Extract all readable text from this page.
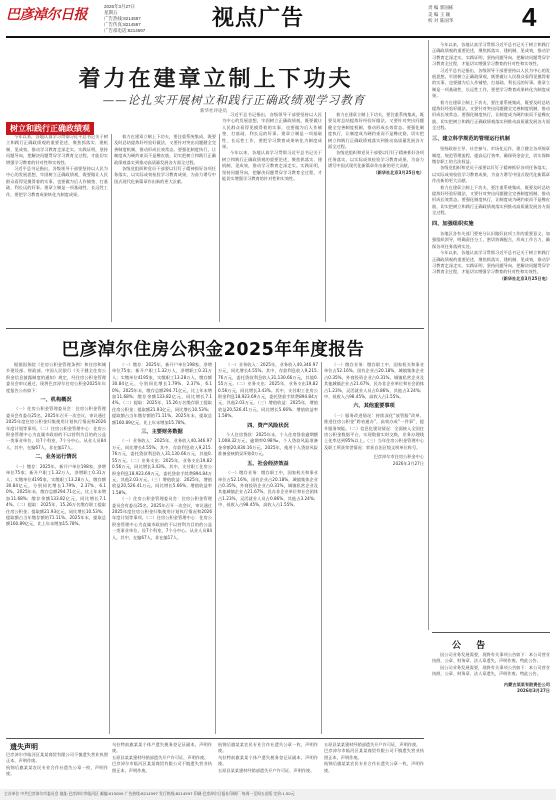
巴彦淖尔日报
2026年3月27日
星期五
广告热线:8214597
广告传真:8214597
广告部电话:8214597	视点广告	责 编 郭国栋
美 编 王 颖
校 对 陈国华	4
着力在建章立制上下功夫
——论扎实开展树立和践行正确政绩观学习教育
新华社评论员
树立和践行正确政绩观

今年以来，各地认真学习贯彻习近平总书记关于树立和践行正确政绩观的重要论述，聚焦抓落实、建机制、见成效，推动学习教育走深走实。实践证明，坚持问题导向，把解决问题贯穿学习教育全过程，才能切实增强学习教育的针对性和实效性。

习近平总书记指出，各级领导干部要坚持以人民为中心的发展思想，牢固树立正确政绩观，既要做让人民群众看得见摸得着的实事，也要做为后人作铺垫、打基础、利长远的好事。建章立制是一项基础性、长远性工作，要把学习教育成果转化为制度成果。

着力在建章立制上下功夫，要注重系统集成，既要及时总结提炼好经验好做法，又要针对突出问题健全完善制度机制，推动形成长效常态。要强化制度执行，让制度成为硬约束而不是橡皮筋，切实把树立和践行正确政绩观落实到推动高质量发展各方面全过程。

各级党组织和党员干部要以钉钉子精神抓好各项任务落实，以实际成效检验学习教育成果，为奋力谱写中国式现代化新篇章作出新的更大贡献。

习近平总书记指出，各级领导干部要坚持以人民为中心的发展思想，牢固树立正确政绩观，既要做让人民群众看得见摸得着的实事，也要做为后人作铺垫、打基础、利长远的好事。建章立制是一项基础性、长远性工作，要把学习教育成果转化为制度成果。

今年以来，各地认真学习贯彻习近平总书记关于树立和践行正确政绩观的重要论述，聚焦抓落实、建机制、见成效，推动学习教育走深走实。实践证明，坚持问题导向，把解决问题贯穿学习教育全过程，才能切实增强学习教育的针对性和实效性。

着力在建章立制上下功夫，要注重系统集成，既要及时总结提炼好经验好做法，又要针对突出问题健全完善制度机制，推动形成长效常态。要强化制度执行，让制度成为硬约束而不是橡皮筋，切实把树立和践行正确政绩观落实到推动高质量发展各方面全过程。

各级党组织和党员干部要以钉钉子精神抓好各项任务落实，以实际成效检验学习教育成果，为奋力谱写中国式现代化新篇章作出新的更大贡献。

（新华社北京3月25日电）

巴彦淖尔住房公积金2025年年度报告

根据国务院《住房公积金管理条例》和住房和城乡建设部、财政部、中国人民银行《关于健全住房公积金信息披露制度的通知》规定，经住房公积金管理委员会审议通过，现将巴彦淖尔住房公积金2025年年度报告公布如下：

一、机构概况

（一）住房公积金管理委员会：住房公积金管理委员会有委员25名，2025年召开一次会议，审议通过2025年度住房公积金归集使用计划执行情况和2026年度计划等事项。（二）住房公积金管理中心：住房公积金管理中心为直属市政府的不以营利为目的的公益一类事业单位，设7个科室，7个分中心。从业人员84人，其中，在编67人，非在编17人。

二、业务运行情况

（一）缴存：2025年，新开户单位198家，净增单位75家；新开户职工1.32万人，净增职工0.31万人；实缴单位4195家，实缴职工13.28万人，缴存额30.84亿元，分别同比增长1.79%、2.37%、6.10%。2025年末，缴存总额294.71亿元，比上年末增加11.68%；缴存余额133.82亿元，同比增长7.14%。（二）提取：2025年，15.26万名缴存职工提取住房公积金；提取额21.93亿元，同比增长10.53%；提取额占当年缴存额的71.11%。2025年末，提取总额160.89亿元，比上年末增加15.78%。

（一）缴存：2025年，新开户单位198家，净增单位75家；新开户职工1.32万人，净增职工0.31万人；实缴单位4195家，实缴职工13.28万人，缴存额30.84亿元，分别同比增长1.79%、2.37%、6.10%。2025年末，缴存总额294.71亿元，比上年末增加11.68%；缴存余额133.82亿元，同比增长7.14%。（二）提取：2025年，15.26万名缴存职工提取住房公积金；提取额21.93亿元，同比增长10.53%；提取额占当年缴存额的71.11%。2025年末，提取总额160.89亿元，比上年末增加15.78%。

三、主要财务数据

（一）业务收入：2025年，业务收入40,346.97万元，同比增长4.55%。其中，存款利息收入9,215.76万元，委托贷款利息收入31,130.66万元，其他0.55万元。（二）业务支出：2025年，业务支出19,820.56万元，同比增长3.43%。其中，支付职工住房公积金利息18,923.69万元，委托贷款手续费894.84万元，其他2.03万元。（三）增值收益：2025年，增值收益20,526.41万元，同比增长5.66%；增值收益率1.58%。

（一）住房公积金管理委员会：住房公积金管理委员会有委员25名，2025年召开一次会议，审议通过2025年度住房公积金归集使用计划执行情况和2026年度计划等事项。（二）住房公积金管理中心：住房公积金管理中心为直属市政府的不以营利为目的的公益一类事业单位，设7个科室，7个分中心。从业人员84人，其中，在编67人，非在编17人。

（一）业务收入：2025年，业务收入40,346.97万元，同比增长4.55%。其中，存款利息收入9,215.76万元，委托贷款利息收入31,130.66万元，其他0.55万元。（二）业务支出：2025年，业务支出19,820.56万元，同比增长3.43%。其中，支付职工住房公积金利息18,923.69万元，委托贷款手续费894.84万元，其他2.03万元。（三）增值收益：2025年，增值收益20,526.41万元，同比增长5.66%；增值收益率1.58%。

四、资产风险状况

个人住房贷款：2025年末，个人住房贷款逾期额1,008.32万元，逾期率0.98‰，个人贷款风险准备金余额20,830.16万元。2025年，使用个人贷款风险准备金核销呆坏账0万元。

五、社会经济效益

（一）缴存业务：缴存职工中，国家机关和事业单位占52.16%，国有企业占20.18%，城镇集体企业占0.35%，外商投资企业占0.31%，城镇私营企业及其他城镇企业占21.67%，民办非企业单位和社会团体占1.23%，灵活就业人员占0.86%，其他占3.24%；中、低收入占98.45%，高收入占1.55%。

（一）缴存业务：缴存职工中，国家机关和事业单位占52.16%，国有企业占20.18%，城镇集体企业占0.35%，外商投资企业占0.31%，城镇私营企业及其他城镇企业占21.67%，民办非企业单位和社会团体占1.23%，灵活就业人员占0.86%，其他占3.24%；中、低收入占98.45%，高收入占1.55%。

六、其他重要事项

（一）服务改进情况：持续深化“放管服”改革，推进住房公积金“跨省通办”，高效办成“一件事”，提升服务效能。（二）信息化建设情况：全面接入全国住房公积金数据平台，实现数据实时交换，业务办理线上化率达到95%以上。（三）当年住房公积金管理中心及职工所获荣誉情况：荣获自治区级文明单位称号。

巴彦淖尔市住房公积金中心

2026年3月27日

今年以来，各地认真学习贯彻习近平总书记关于树立和践行正确政绩观的重要论述，聚焦抓落实、建机制、见成效，推动学习教育走深走实。实践证明，坚持问题导向，把解决问题贯穿学习教育全过程，才能切实增强学习教育的针对性和实效性。

习近平总书记指出，各级领导干部要坚持以人民为中心的发展思想，牢固树立正确政绩观，既要做让人民群众看得见摸得着的实事，也要做为后人作铺垫、打基础、利长远的好事。建章立制是一项基础性、长远性工作，要把学习教育成果转化为制度成果。

着力在建章立制上下功夫，要注重系统集成，既要及时总结提炼好经验好做法，又要针对突出问题健全完善制度机制，推动形成长效常态。要强化制度执行，让制度成为硬约束而不是橡皮筋，切实把树立和践行正确政绩观落实到推动高质量发展各方面全过程。

三、建立科学规范的管理运行机制

坚持政府主导、社会参与、市场化运作，建立健全各项规章制度，规范管理流程，提高运行效率，确保资金安全，切实保障缴存职工的合法权益。

各级党组织和党员干部要以钉钉子精神抓好各项任务落实，以实际成效检验学习教育成果，为奋力谱写中国式现代化新篇章作出新的更大贡献。

着力在建章立制上下功夫，要注重系统集成，既要及时总结提炼好经验好做法，又要针对突出问题健全完善制度机制，推动形成长效常态。要强化制度执行，让制度成为硬约束而不是橡皮筋，切实把树立和践行正确政绩观落实到推动高质量发展各方面全过程。

四、加强组织实施

各地区各有关部门要充分认识做好此项工作的重要意义，加强组织领导，明确责任分工，密切协调配合，形成工作合力，确保各项任务落到实处。

今年以来，各地认真学习贯彻习近平总书记关于树立和践行正确政绩观的重要论述，聚焦抓落实、建机制、见成效，推动学习教育走深走实。实践证明，坚持问题导向，把解决问题贯穿学习教育全过程，才能切实增强学习教育的针对性和实效性。

（新华社北京3月25日电）

公 告

因公司业务发展需要，现将有关事项公告如下：本公司营业执照、公章、财务章、法人章遗失，声明作废。特此公告。

因公司业务发展需要，现将有关事项公告如下：本公司营业执照、公章、财务章、法人章遗失，声明作废。特此公告。

内蒙古某某有限责任公司

2026年3月27日

遗失声明

巴彦淖尔市临河区某某商贸有限公司不慎遗失营业执照正本，声明作废。

杭锦后旗某某农民专业合作社遗失公章一枚，声明作废。

乌拉特前旗某某个体户遗失税务登记证副本，声明作废。

五原县某某建材经销部遗失开户许可证，声明作废。

巴彦淖尔市临河区某某商贸有限公司不慎遗失营业执照正本，声明作废。

杭锦后旗某某农民专业合作社遗失公章一枚，声明作废。

乌拉特前旗某某个体户遗失税务登记证副本，声明作废。

五原县某某建材经销部遗失开户许可证，声明作废。

五原县某某建材经销部遗失开户许可证，声明作废。

巴彦淖尔市临河区某某商贸有限公司不慎遗失营业执照正本，声明作废。

杭锦后旗某某农民专业合作社遗失公章一枚，声明作废。

主办单位 中共巴彦淖尔市委员会 地址:巴彦淖尔市临河区 邮编:015000 广告热线:8214597 发行热线:8214597 印刷:巴彦淖尔日报社印刷厂 每周一至周五出版 定价:1.50元
